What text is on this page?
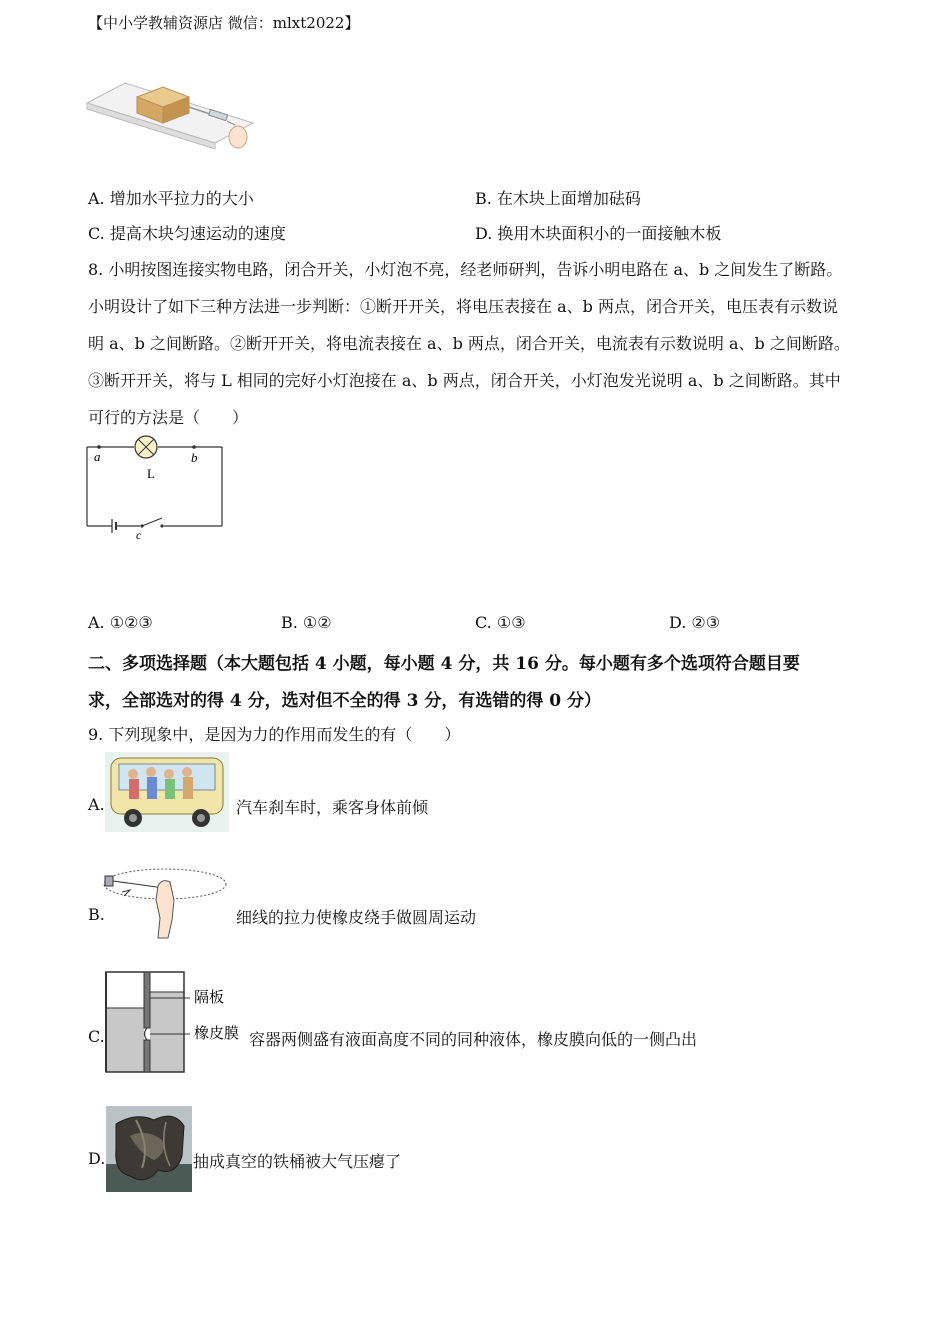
【中小学教辅资源店 微信：mlxt2022】
A. 增加水平拉力的大小	B. 在木块上面增加砝码
C. 提高木块匀速运动的速度	D. 换用木块面积小的一面接触木板
8. 小明按图连接实物电路，闭合开关，小灯泡不亮，经老师研判，告诉小明电路在 a、b 之间发生了断路。
小明设计了如下三种方法进一步判断：①断开开关，将电压表接在 a、b 两点，闭合开关，电压表有示数说
明 a、b 之间断路。②断开开关，将电流表接在 a、b 两点，闭合开关，电流表有示数说明 a、b 之间断路。
③断开开关，将与 L 相同的完好小灯泡接在 a、b 两点，闭合开关，小灯泡发光说明 a、b 之间断路。其中
可行的方法是（　　）
a	b
L
c
A. ①②③	B. ①②	C. ①③	D. ②③
二、多项选择题（本大题包括 4 小题，每小题 4 分，共 16 分。每小题有多个选项符合题目要
求，全部选对的得 4 分，选对但不全的得 3 分，有选错的得 0 分）
9. 下列现象中，是因为力的作用而发生的有（　　）
A.	汽车刹车时，乘客身体前倾
B.	细线的拉力使橡皮绕手做圆周运动
C.
隔板
橡皮膜 容器两侧盛有液面高度不同的同种液体，橡皮膜向低的一侧凸出
D.	抽成真空的铁桶被大气压瘪了
